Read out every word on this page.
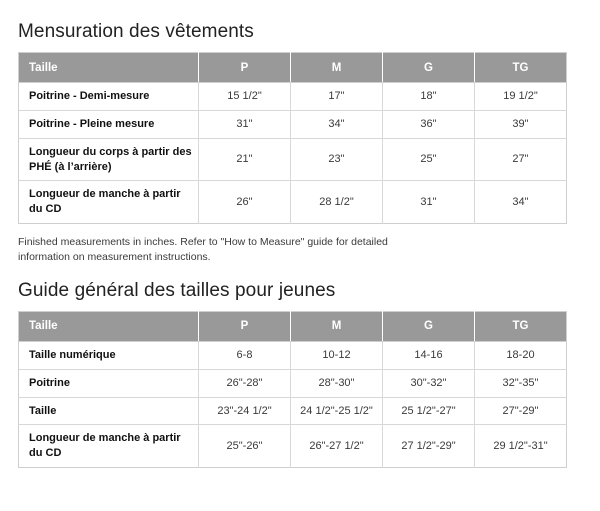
Mensuration des vêtements
Taille	P	M	G	TG
Poitrine - Demi-mesure	15 1/2"	17"	18"	19 1/2"
Poitrine - Pleine mesure	31"	34"	36"	39"
Longueur du corps à partir des PHÉ (à l’arrière)	21"	23"	25"	27"
Longueur de manche à partir du CD	26"	28 1/2"	31"	34"

Finished measurements in inches. Refer to "How to Measure" guide for detailed information on measurement instructions.

Guide général des tailles pour jeunes
Taille	P	M	G	TG
Taille numérique	6-8	10-12	14-16	18-20
Poitrine	26"-28"	28"-30"	30"-32"	32"-35"
Taille	23"-24 1/2"	24 1/2"-25 1/2"	25 1/2"-27"	27"-29"
Longueur de manche à partir du CD	25"-26"	26"-27 1/2"	27 1/2"-29"	29 1/2"-31"
